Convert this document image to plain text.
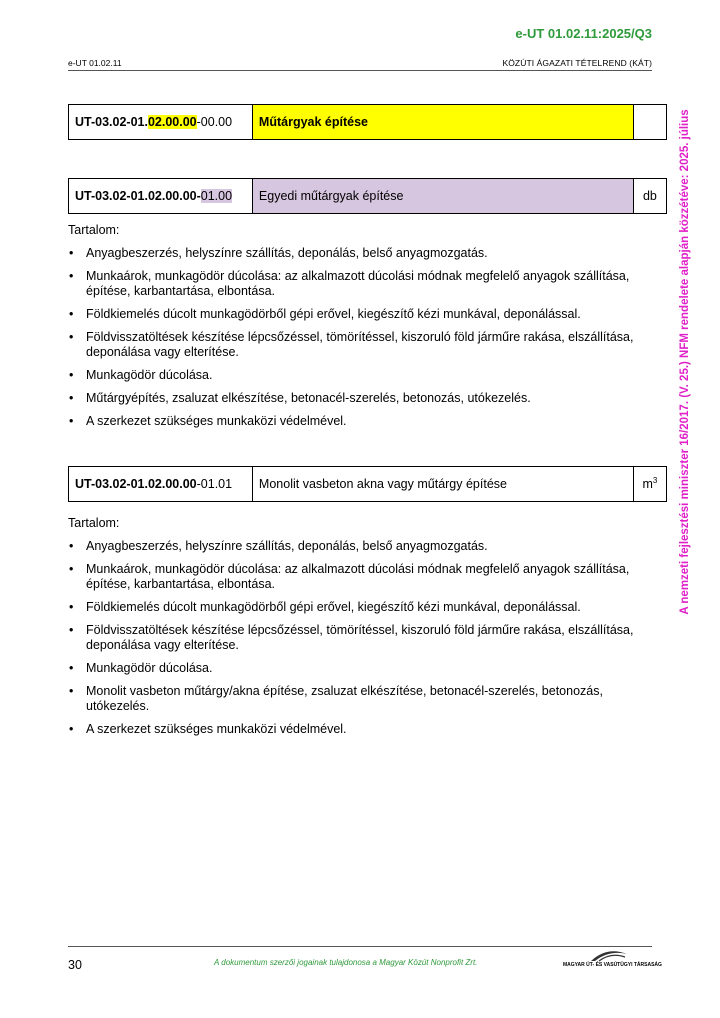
e-UT 01.02.11:2025/Q3
e-UT 01.02.11	KÖZÚTI ÁGAZATI TÉTELREND (KÁT)
UT-03.02-01.02.00.00-00.00	Műtárgyak építése	
UT-03.02-01.02.00.00-01.00	Egyedi műtárgyak építése	db

Tartalom:

• Anyagbeszerzés, helyszínre szállítás, deponálás, belső anyagmozgatás.
• Munkaárok, munkagödör dúcolása: az alkalmazott dúcolási módnak megfelelő anyagok szállítása, építése, karbantartása, elbontása.
• Földkiemelés dúcolt munkagödörből gépi erővel, kiegészítő kézi munkával, deponálással.
• Földvisszatöltések készítése lépcsőzéssel, tömörítéssel, kiszoruló föld járműre rakása, elszállítása, deponálása vagy elterítése.
• Munkagödör dúcolása.
• Műtárgyépítés, zsaluzat elkészítése, betonacél-szerelés, betonozás, utókezelés.
• A szerkezet szükséges munkaközi védelmével.
UT-03.02-01.02.00.00-01.01	Monolit vasbeton akna vagy műtárgy építése	$m^3$

Tartalom:

• Anyagbeszerzés, helyszínre szállítás, deponálás, belső anyagmozgatás.
• Munkaárok, munkagödör dúcolása: az alkalmazott dúcolási módnak megfelelő anyagok szállítása, építése, karbantartása, elbontása.
• Földkiemelés dúcolt munkagödörből gépi erővel, kiegészítő kézi munkával, deponálással.
• Földvisszatöltések készítése lépcsőzéssel, tömörítéssel, kiszoruló föld járműre rakása, elszállítása, deponálása vagy elterítése.
• Munkagödör dúcolása.
• Monolit vasbeton műtárgy/akna építése, zsaluzat elkészítése, betonacél-szerelés, betonozás, utókezelés.
• A szerkezet szükséges munkaközi védelmével.
A nemzeti fejlesztési miniszter 16/2017. (V. 25.) NFM rendelete alapján közzétéve: 2025. július
30	A dokumentum szerzői jogainak tulajdonosa a Magyar Közút Nonprofit Zrt.	MAGYAR ÚT- ÉS VASÚTÜGYI TÁRSASÁG
